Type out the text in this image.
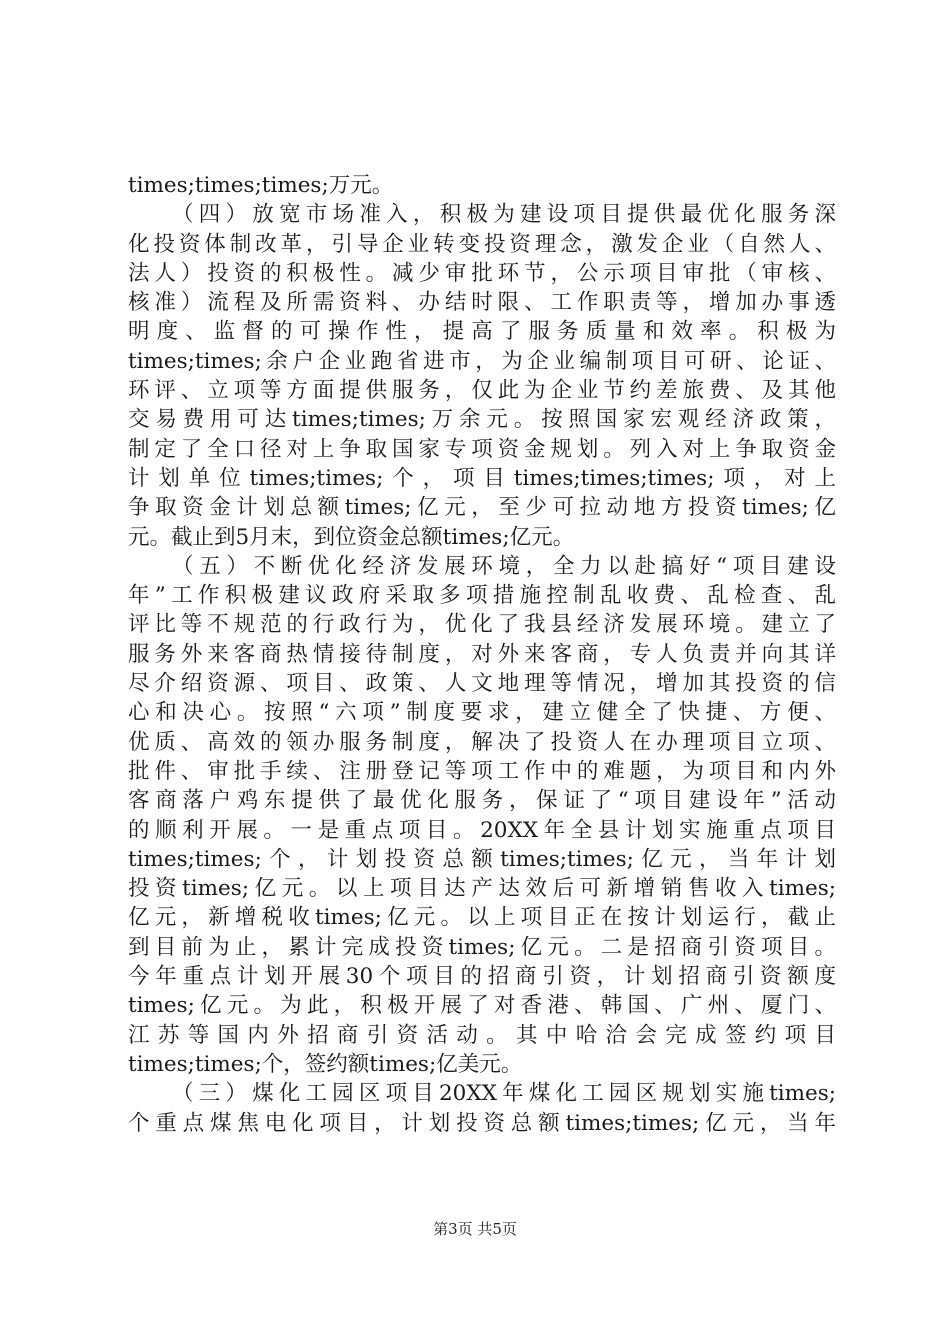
times;times;times;万元。
（四）放宽市场准入，积极为建设项目提供最优化服务深
化投资体制改革，引导企业转变投资理念，激发企业（自然人、
法人）投资的积极性。减少审批环节，公示项目审批（审核、
核准）流程及所需资料、办结时限、工作职责等，增加办事透
明度、监督的可操作性，提高了服务质量和效率。积极为
times;times;余户企业跑省进市，为企业编制项目可研、论证、
环评、立项等方面提供服务，仅此为企业节约差旅费、及其他
交易费用可达times;times;万余元。按照国家宏观经济政策，
制定了全口径对上争取国家专项资金规划。列入对上争取资金
计划单位times;times;个，项目times;times;times;项，对上
争取资金计划总额times;亿元，至少可拉动地方投资times;亿
元。截止到5月末，到位资金总额times;亿元。
（五）不断优化经济发展环境，全力以赴搞好“项目建设
年”工作积极建议政府采取多项措施控制乱收费、乱检查、乱
评比等不规范的行政行为，优化了我县经济发展环境。建立了
服务外来客商热情接待制度，对外来客商，专人负责并向其详
尽介绍资源、项目、政策、人文地理等情况，增加其投资的信
心和决心。按照“六项”制度要求，建立健全了快捷、方便、
优质、高效的领办服务制度，解决了投资人在办理项目立项、
批件、审批手续、注册登记等项工作中的难题，为项目和内外
客商落户鸡东提供了最优化服务，保证了“项目建设年”活动
的顺利开展。一是重点项目。20XX年全县计划实施重点项目
times;times;个，计划投资总额times;times;亿元，当年计划
投资times;亿元。以上项目达产达效后可新增销售收入times;
亿元，新增税收times;亿元。以上项目正在按计划运行，截止
到目前为止，累计完成投资times;亿元。二是招商引资项目。
今年重点计划开展30个项目的招商引资，计划招商引资额度
times;亿元。为此，积极开展了对香港、韩国、广州、厦门、
江苏等国内外招商引资活动。其中哈洽会完成签约项目
times;times;个，签约额times;亿美元。
（三）煤化工园区项目20XX年煤化工园区规划实施times;
个重点煤焦电化项目，计划投资总额times;times;亿元，当年
第3页 共5页
